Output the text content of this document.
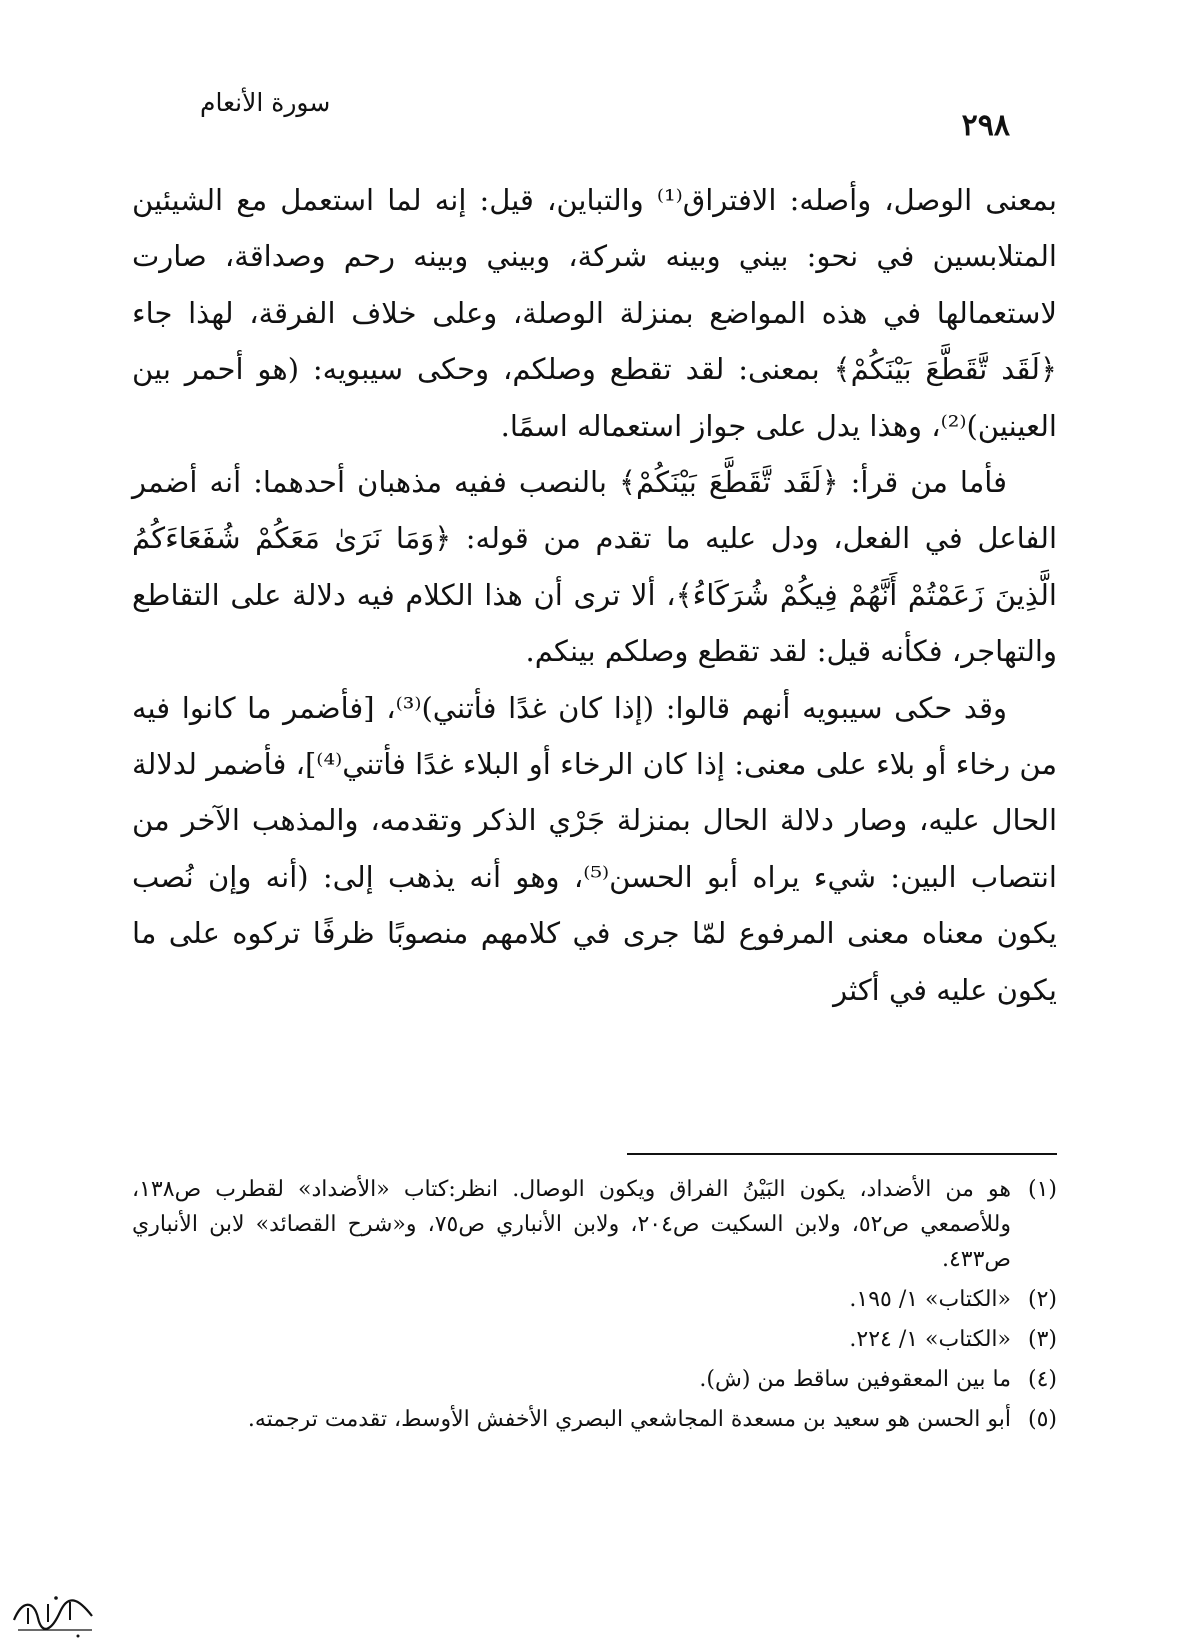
سورة الأنعام
٢٩٨

بمعنى الوصل، وأصله: الافتراق⁽¹⁾ والتباين، قيل: إنه لما استعمل مع الشيئين المتلابسين في نحو: بيني وبينه شركة، وبيني وبينه رحم وصداقة، صارت لاستعمالها في هذه المواضع بمنزلة الوصلة، وعلى خلاف الفرقة، لهذا جاء ﴿لَقَد تَّقَطَّعَ بَيْنَكُمْ﴾ بمعنى: لقد تقطع وصلكم، وحكى سيبويه: (هو أحمر بين العينين)⁽²⁾، وهذا يدل على جواز استعماله اسمًا.

فأما من قرأ: ﴿لَقَد تَّقَطَّعَ بَيْنَكُمْ﴾ بالنصب ففيه مذهبان أحدهما: أنه أضمر الفاعل في الفعل، ودل عليه ما تقدم من قوله: ﴿وَمَا نَرَىٰ مَعَكُمْ شُفَعَاءَكُمُ الَّذِينَ زَعَمْتُمْ أَنَّهُمْ فِيكُمْ شُرَكَاءُ﴾، ألا ترى أن هذا الكلام فيه دلالة على التقاطع والتهاجر، فكأنه قيل: لقد تقطع وصلكم بينكم.

وقد حكى سيبويه أنهم قالوا: (إذا كان غدًا فأتني)⁽³⁾، [فأضمر ما كانوا فيه من رخاء أو بلاء على معنى: إذا كان الرخاء أو البلاء غدًا فأتني⁽⁴⁾]، فأضمر لدلالة الحال عليه، وصار دلالة الحال بمنزلة جَرْي الذكر وتقدمه، والمذهب الآخر من انتصاب البين: شيء يراه أبو الحسن⁽⁵⁾، وهو أنه يذهب إلى: (أنه وإن نُصب يكون معناه معنى المرفوع لمّا جرى في كلامهم منصوبًا ظرفًا تركوه على ما يكون عليه في أكثر

(١)
هو من الأضداد، يكون البَيْنُ الفراق ويكون الوصال. انظر:كتاب «الأضداد» لقطرب ص١٣٨، وللأصمعي ص٥٢، ولابن السكيت ص٢٠٤، ولابن الأنباري ص٧٥، و«شرح القصائد» لابن الأنباري ص٤٣٣.
(٢)
«الكتاب» ١/ ١٩٥.
(٣)
«الكتاب» ١/ ٢٢٤.
(٤)
ما بين المعقوفين ساقط من (ش).
(٥)
أبو الحسن هو سعيد بن مسعدة المجاشعي البصري الأخفش الأوسط، تقدمت ترجمته.
